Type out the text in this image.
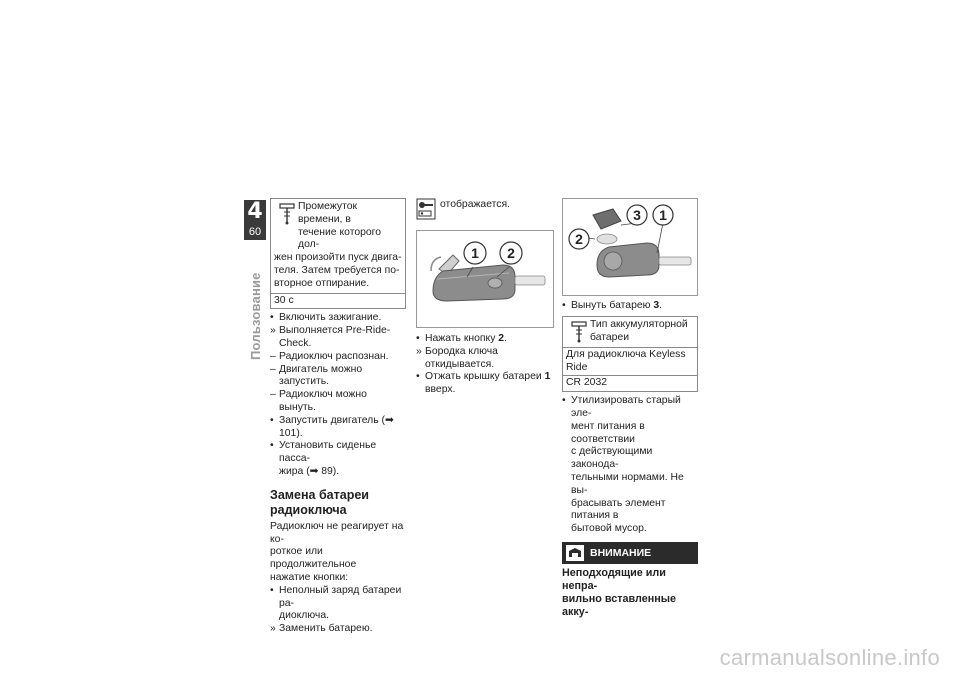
4
60
Пользование
Промежуток времени, в
течение которого дол-
жен произойти пуск двига-
теля. Затем требуется по-
вторное отпирание.
30 с
• Включить зажигание.
» Выполняется Pre-Ride-Check.
– Радиоключ распознан.
– Двигатель можно запустить.
– Радиоключ можно вынуть.
• Запустить двигатель (➡ 101).
• Установить сиденье пасса-
жира (➡ 89).
Замена батареи
радиоключа
Радиоключ не реагирует на ко-
роткое или продолжительное
нажатие кнопки:
• Неполный заряд батареи ра-
диоключа.
» Заменить батарею.
отображается.
1	2
• Нажать кнопку 2.
» Бородка ключа откидывается.
• Отжать крышку батареи 1
вверх.
3	1
2
• Вынуть батарею 3.
Тип аккумуляторной
батареи
Для радиоключа Keyless Ride
CR 2032
• Утилизировать старый эле-
мент питания в соответствии
с действующими законода-
тельными нормами. Не вы-
брасывать элемент питания в
бытовой мусор.
ВНИМАНИЕ
Неподходящие или непра-
вильно вставленные акку-
carmanualsonline.info
